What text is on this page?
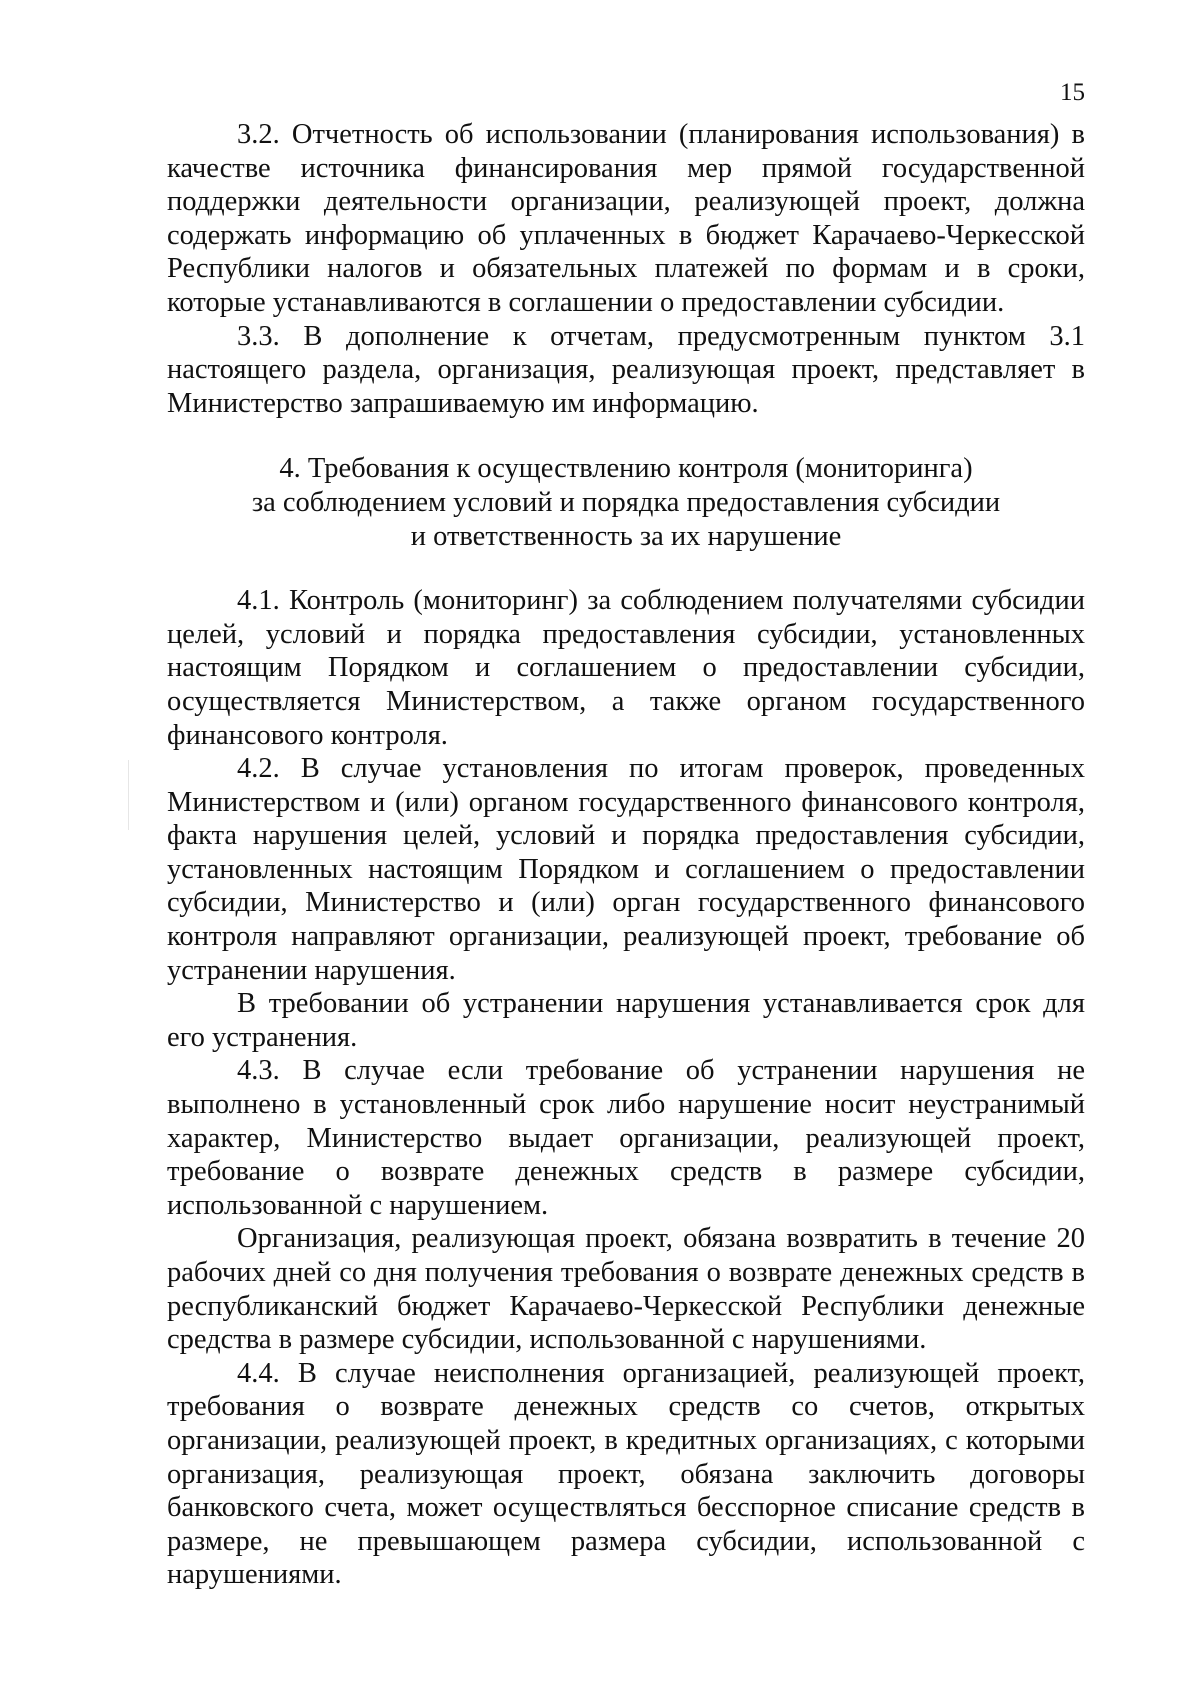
15

3.2. Отчетность об использовании (планирования использования) в качестве источника финансирования мер прямой государственной поддержки деятельности организации, реализующей проект, должна содержать информацию об уплаченных в бюджет Карачаево-Черкесской Республики налогов и обязательных платежей по формам и в сроки, которые устанавливаются в соглашении о предоставлении субсидии.

3.3. В дополнение к отчетам, предусмотренным пунктом 3.1 настоящего раздела, организация, реализующая проект, представляет в Министерство запрашиваемую им информацию.

4. Требования к осуществлению контроля (мониторинга)
за соблюдением условий и порядка предоставления субсидии
и ответственность за их нарушение

4.1. Контроль (мониторинг) за соблюдением получателями субсидии целей, условий и порядка предоставления субсидии, установленных настоящим Порядком и соглашением о предоставлении субсидии, осуществляется Министерством, а также органом государственного финансового контроля.

4.2. В случае установления по итогам проверок, проведенных Министерством и (или) органом государственного финансового контроля, факта нарушения целей, условий и порядка предоставления субсидии, установленных настоящим Порядком и соглашением о предоставлении субсидии, Министерство и (или) орган государственного финансового контроля направляют организации, реализующей проект, требование об устранении нарушения.

В требовании об устранении нарушения устанавливается срок для его устранения.

4.3. В случае если требование об устранении нарушения не выполнено в установленный срок либо нарушение носит неустранимый характер, Министерство выдает организации, реализующей проект, требование о возврате денежных средств в размере субсидии, использованной с нарушением.

Организация, реализующая проект, обязана возвратить в течение 20 рабочих дней со дня получения требования о возврате денежных средств в республиканский бюджет Карачаево-Черкесской Республики денежные средства в размере субсидии, использованной с нарушениями.

4.4. В случае неисполнения организацией, реализующей проект, требования о возврате денежных средств со счетов, открытых организации, реализующей проект, в кредитных организациях, с которыми организация, реализующая проект, обязана заключить договоры банковского счета, может осуществляться бесспорное списание средств в размере, не превышающем размера субсидии, использованной с нарушениями.
